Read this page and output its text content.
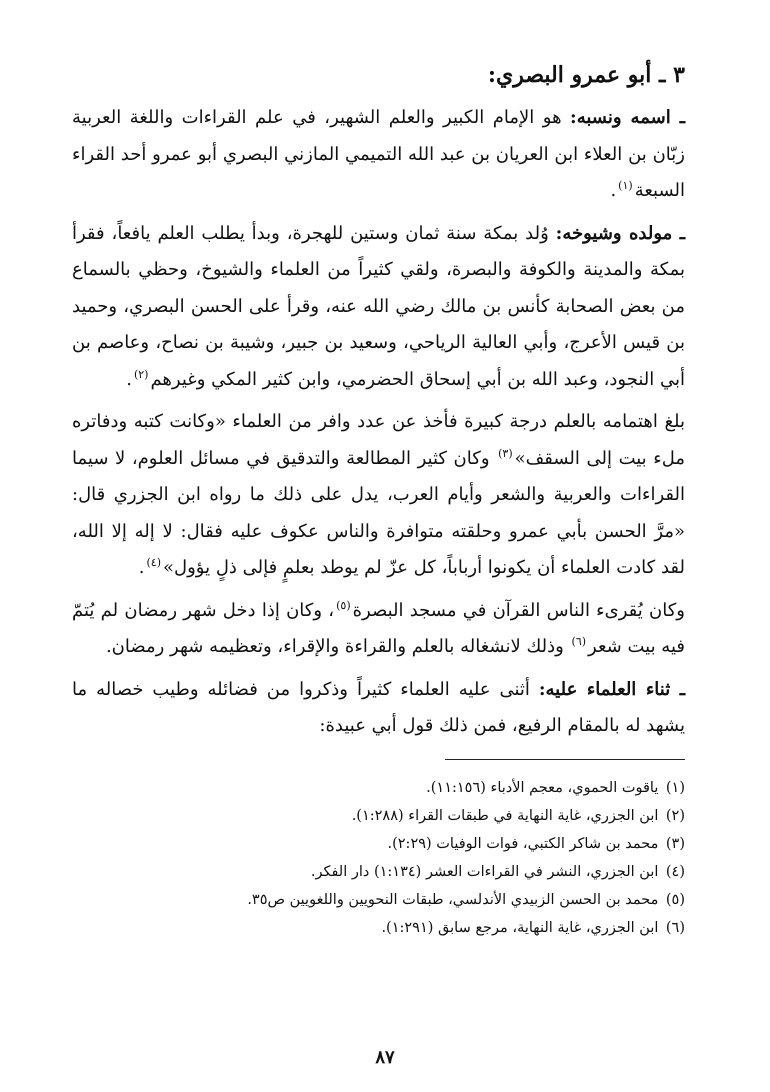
٣ ـ أبو عمرو البصري:

ـ اسمه ونسبه: هو الإمام الكبير والعلم الشهير، في علم القراءات واللغة العربية زبّان بن العلاء ابن العريان بن عبد الله التميمي المازني البصري أبو عمرو أحد القراء السبعة$^{(١)}$.

ـ مولده وشيوخه: وُلد بمكة سنة ثمان وستين للهجرة، وبدأ يطلب العلم يافعاً، فقرأ بمكة والمدينة والكوفة والبصرة، ولقي كثيراً من العلماء والشيوخ، وحظي بالسماع من بعض الصحابة كأنس بن مالك رضي الله عنه، وقرأ على الحسن البصري، وحميد بن قيس الأعرج، وأبي العالية الرياحي، وسعيد بن جبير، وشيبة بن نصاح، وعاصم بن أبي النجود، وعبد الله بن أبي إسحاق الحضرمي، وابن كثير المكي وغيرهم$^{(٢)}$.

بلغ اهتمامه بالعلم درجة كبيرة فأخذ عن عدد وافر من العلماء «وكانت كتبه ودفاتره ملء بيت إلى السقف»$^{(٣)}$ وكان كثير المطالعة والتدقيق في مسائل العلوم، لا سيما القراءات والعربية والشعر وأيام العرب، يدل على ذلك ما رواه ابن الجزري قال: «مرَّ الحسن بأبي عمرو وحلقته متوافرة والناس عكوف عليه فقال: لا إله إلا الله، لقد كادت العلماء أن يكونوا أرباباً، كل عزّ لم يوطد بعلمٍ فإلى ذلٍ يؤول»$^{(٤)}$.

وكان يُقرىء الناس القرآن في مسجد البصرة$^{(٥)}$، وكان إذا دخل شهر رمضان لم يُتمّ فيه بيت شعر$^{(٦)}$ وذلك لانشغاله بالعلم والقراءة والإقراء، وتعظيمه شهر رمضان.

ـ ثناء العلماء عليه: أثنى عليه العلماء كثيراً وذكروا من فضائله وطيب خصاله ما يشهد له بالمقام الرفيع، فمن ذلك قول أبي عبيدة:

(١) ياقوت الحموي، معجم الأدباء (١١:١٥٦).
(٢) ابن الجزري، غاية النهاية في طبقات القراء (١:٢٨٨).
(٣) محمد بن شاكر الكتبي، فوات الوفيات (٢:٢٩).
(٤) ابن الجزري، النشر في القراءات العشر (١:١٣٤) دار الفكر.
(٥) محمد بن الحسن الزبيدي الأندلسي، طبقات النحويين واللغويين ص٣٥.
(٦) ابن الجزري، غاية النهاية، مرجع سابق (١:٢٩١).
٨٧
